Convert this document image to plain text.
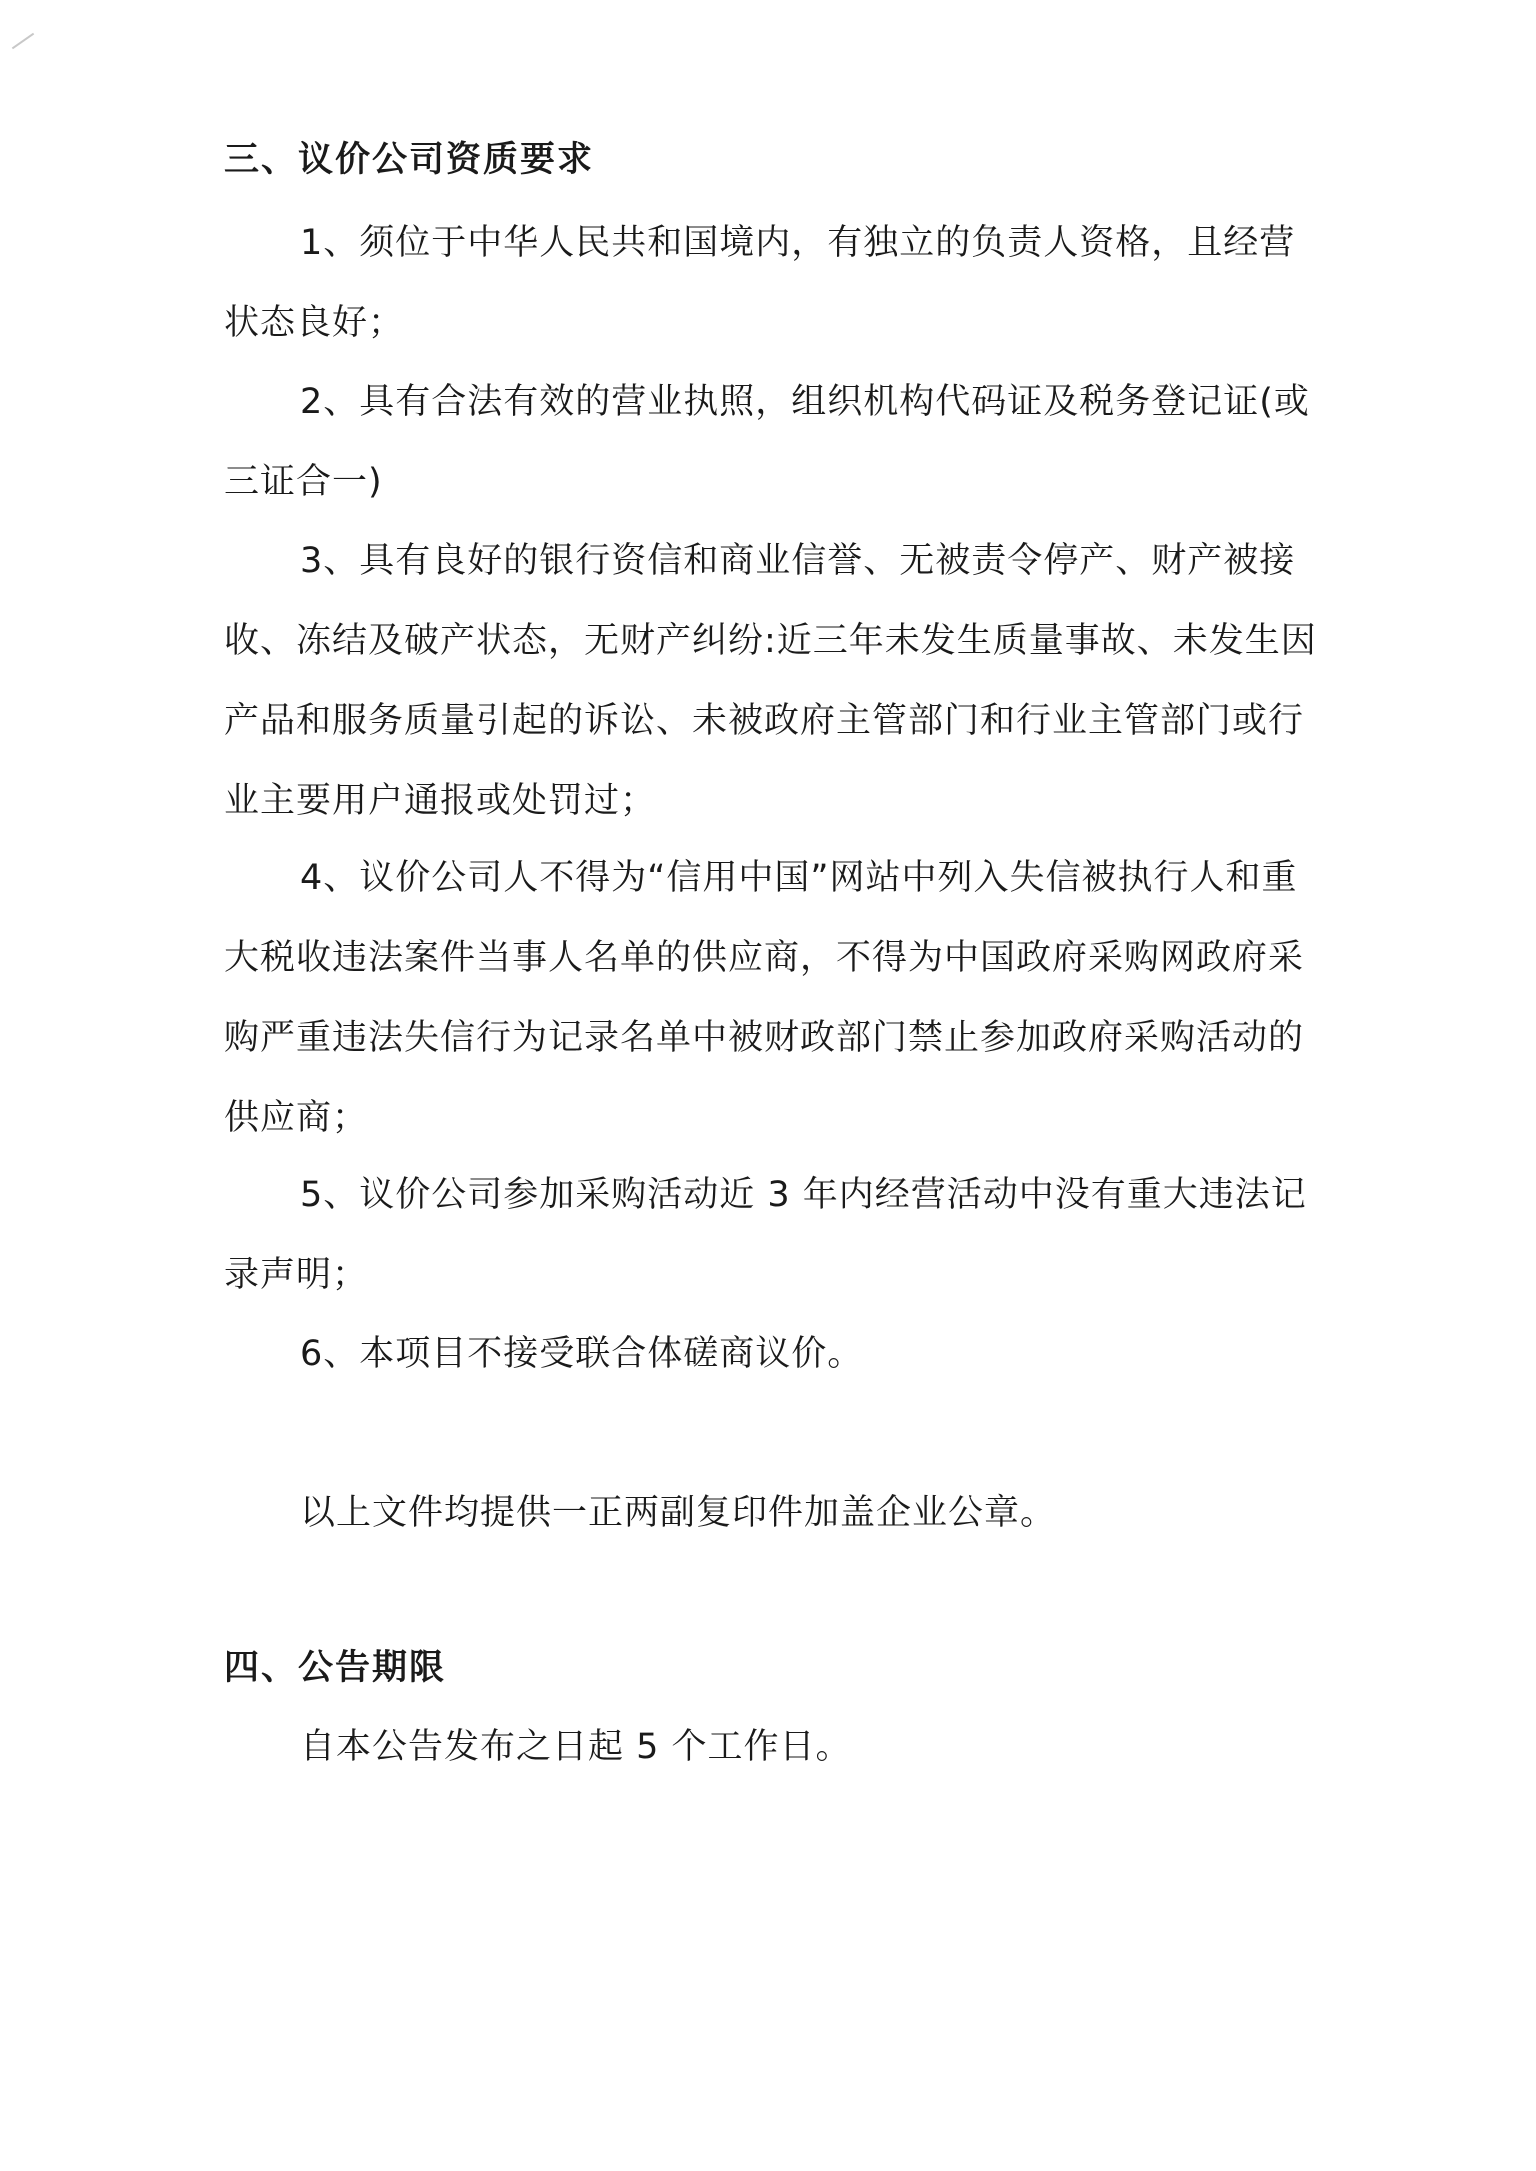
三、议价公司资质要求
1、须位于中华人民共和国境内，有独立的负责人资格，且经营状态良好；
2、具有合法有效的营业执照，组织机构代码证及税务登记证(或三证合一)
3、具有良好的银行资信和商业信誉、无被责令停产、财产被接收、冻结及破产状态，无财产纠纷:近三年未发生质量事故、未发生因产品和服务质量引起的诉讼、未被政府主管部门和行业主管部门或行业主要用户通报或处罚过；
4、议价公司人不得为“信用中国”网站中列入失信被执行人和重大税收违法案件当事人名单的供应商，不得为中国政府采购网政府采购严重违法失信行为记录名单中被财政部门禁止参加政府采购活动的供应商；
5、议价公司参加采购活动近 3 年内经营活动中没有重大违法记录声明；
6、本项目不接受联合体磋商议价。
以上文件均提供一正两副复印件加盖企业公章。
四、公告期限
自本公告发布之日起 5 个工作日。
